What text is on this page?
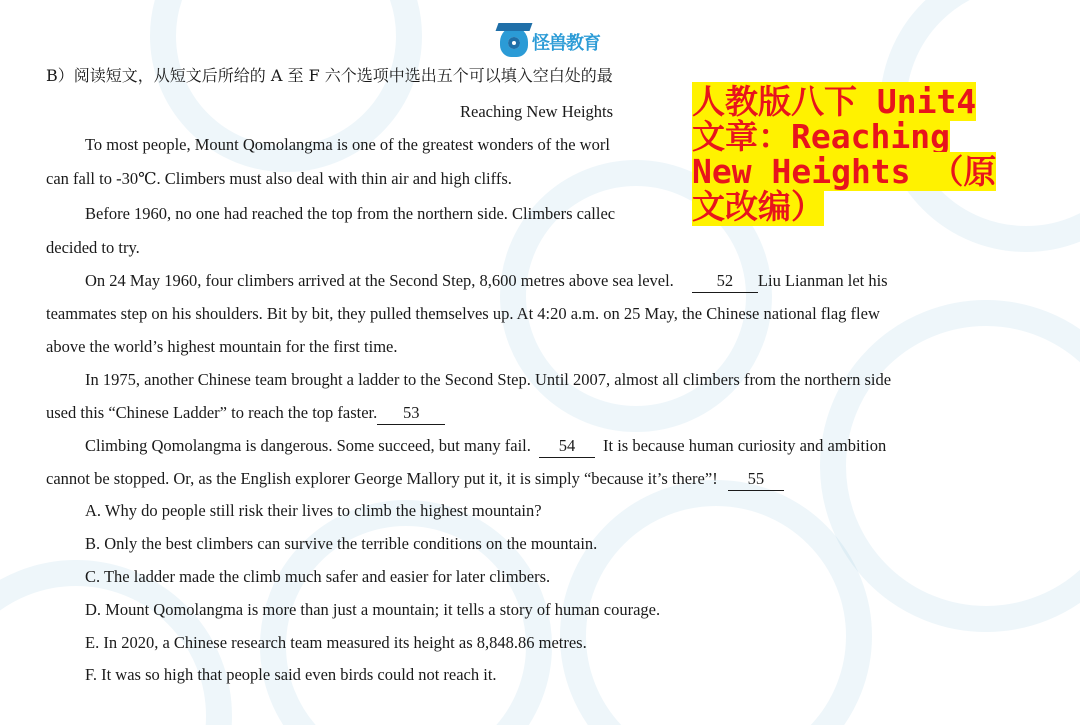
怪兽教育
B）阅读短文，从短文后所给的 A 至 F 六个选项中选出五个可以填入空白处的最
Reaching New Heights
To most people, Mount Qomolangma is one of the greatest wonders of the worl
can fall to -30℃. Climbers must also deal with thin air and high cliffs.
Before 1960, no one had reached the top from the northern side. Climbers callec
decided to try.
On 24 May 1960, four climbers arrived at the Second Step, 8,600 metres above sea level.	52 Liu Lianman let his
teammates step on his shoulders. Bit by bit, they pulled themselves up. At 4:20 a.m. on 25 May, the Chinese national flag flew
above the world’s highest mountain for the first time.
In 1975, another Chinese team brought a ladder to the Second Step. Until 2007, almost all climbers from the northern side
used this “Chinese Ladder” to reach the top faster. 53
Climbing Qomolangma is dangerous. Some succeed, but many fail. 54 It is because human curiosity and ambition
cannot be stopped. Or, as the English explorer George Mallory put it, it is simply “because it’s there”! 55
A. Why do people still risk their lives to climb the highest mountain?
B. Only the best climbers can survive the terrible conditions on the mountain.
C. The ladder made the climb much safer and easier for later climbers.
D. Mount Qomolangma is more than just a mountain; it tells a story of human courage.
E. In 2020, a Chinese research team measured its height as 8,848.86 metres.
F. It was so high that people said even birds could not reach it.
人教版八下 Unit4 文章：Reaching New Heights （原文改编）
